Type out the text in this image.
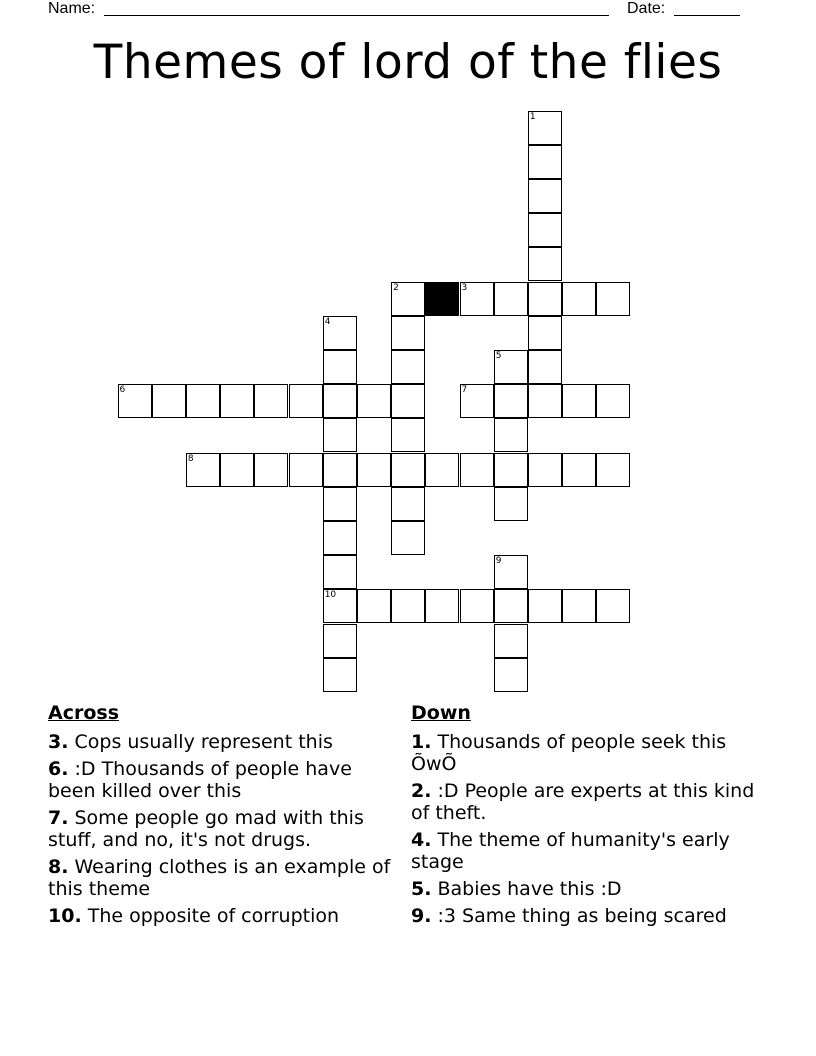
Name:	Date:
Themes of lord of the flies
1
2	3
4
10
5
6	7
8
9
Across
3. Cops usually represent this
6. :D Thousands of people have been killed over this
7. Some people go mad with this stuff, and no, it's not drugs.
8. Wearing clothes is an example of this theme
10. The opposite of corruption
Down
1. Thousands of people seek this ÕwÕ
2. :D People are experts at this kind of theft.
4. The theme of humanity's early stage
5. Babies have this :D
9. :3 Same thing as being scared
